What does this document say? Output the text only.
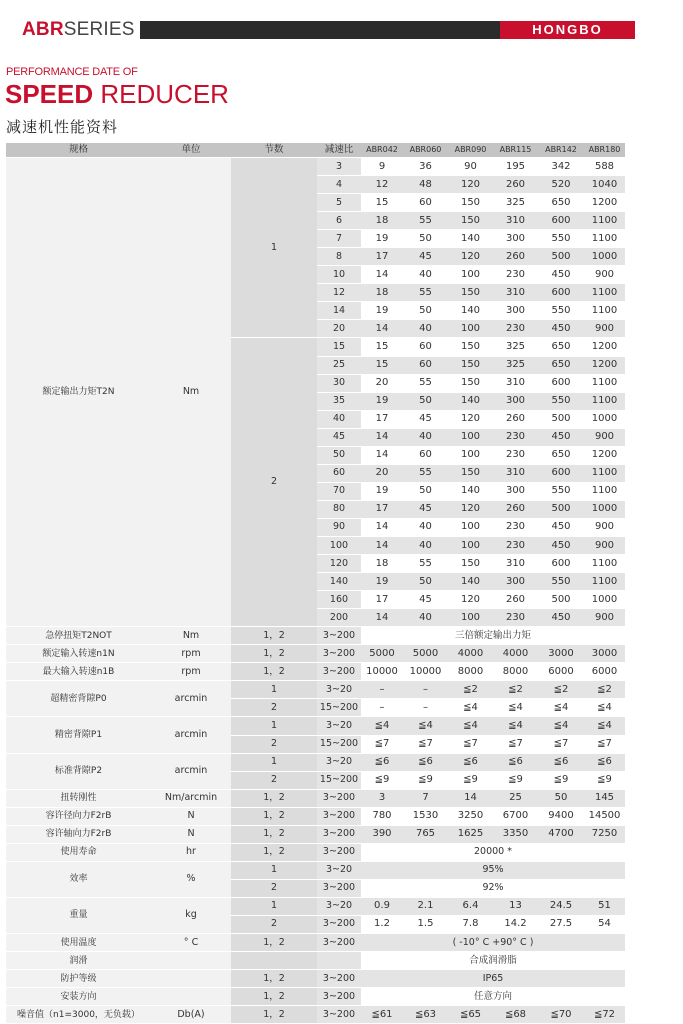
ABRSERIES	HONGBO
PERFORMANCE DATE OF
SPEED REDUCER
减速机性能资料
规格	单位	节数	减速比	ABR042	ABR060	ABR090	ABR115	ABR142	ABR180
额定输出力矩T2N	Nm	1	3	9	36	90	195	342	588
			4	12	48	120	260	520	1040
			5	15	60	150	325	650	1200
			6	18	55	150	310	600	1100
			7	19	50	140	300	550	1100
			8	17	45	120	260	500	1000
			10	14	40	100	230	450	900
			12	18	55	150	310	600	1100
			14	19	50	140	300	550	1100
			20	14	40	100	230	450	900
		2	15	15	60	150	325	650	1200
			25	15	60	150	325	650	1200
			30	20	55	150	310	600	1100
			35	19	50	140	300	550	1100
			40	17	45	120	260	500	1000
			45	14	40	100	230	450	900
			50	14	60	100	230	650	1200
			60	20	55	150	310	600	1100
			70	19	50	140	300	550	1100
			80	17	45	120	260	500	1000
			90	14	40	100	230	450	900
			100	14	40	100	230	450	900
			120	18	55	150	310	600	1100
			140	19	50	140	300	550	1100
			160	17	45	120	260	500	1000
			200	14	40	100	230	450	900
急停扭矩T2NOT	Nm	1，2	3~200	三倍额定输出力矩					
额定输入转速n1N	rpm	1，2	3~200	5000	5000	4000	4000	3000	3000
最大输入转速n1B	rpm	1，2	3~200	10000	10000	8000	8000	6000	6000
超精密背隙P0	arcmin	1	3~20	–	–	≦2	≦2	≦2	≦2
		2	15~200	–	–	≦4	≦4	≦4	≦4
精密背隙P1	arcmin	1	3~20	≦4	≦4	≦4	≦4	≦4	≦4
		2	15~200	≦7	≦7	≦7	≦7	≦7	≦7
标准背隙P2	arcmin	1	3~20	≦6	≦6	≦6	≦6	≦6	≦6
		2	15~200	≦9	≦9	≦9	≦9	≦9	≦9
扭转刚性	Nm/arcmin	1，2	3~200	3	7	14	25	50	145
容许径向力F2rB	N	1，2	3~200	780	1530	3250	6700	9400	14500
容许轴向力F2rB	N	1，2	3~200	390	765	1625	3350	4700	7250
使用寿命	hr	1，2	3~200	20000 *					
效率	%	1	3~20	95%					
		2	3~200	92%					
重量	kg	1	3~20	0.9	2.1	6.4	13	24.5	51
		2	3~200	1.2	1.5	7.8	14.2	27.5	54
使用温度	° C	1，2	3~200	( -10° C +90° C )					
润滑				合成润滑脂					
防护等级		1，2	3~200	IP65					
安装方向		1，2	3~200	任意方向					
噪音值（n1=3000，无负载）	Db(A)	1，2	3~200	≦61	≦63	≦65	≦68	≦70	≦72
